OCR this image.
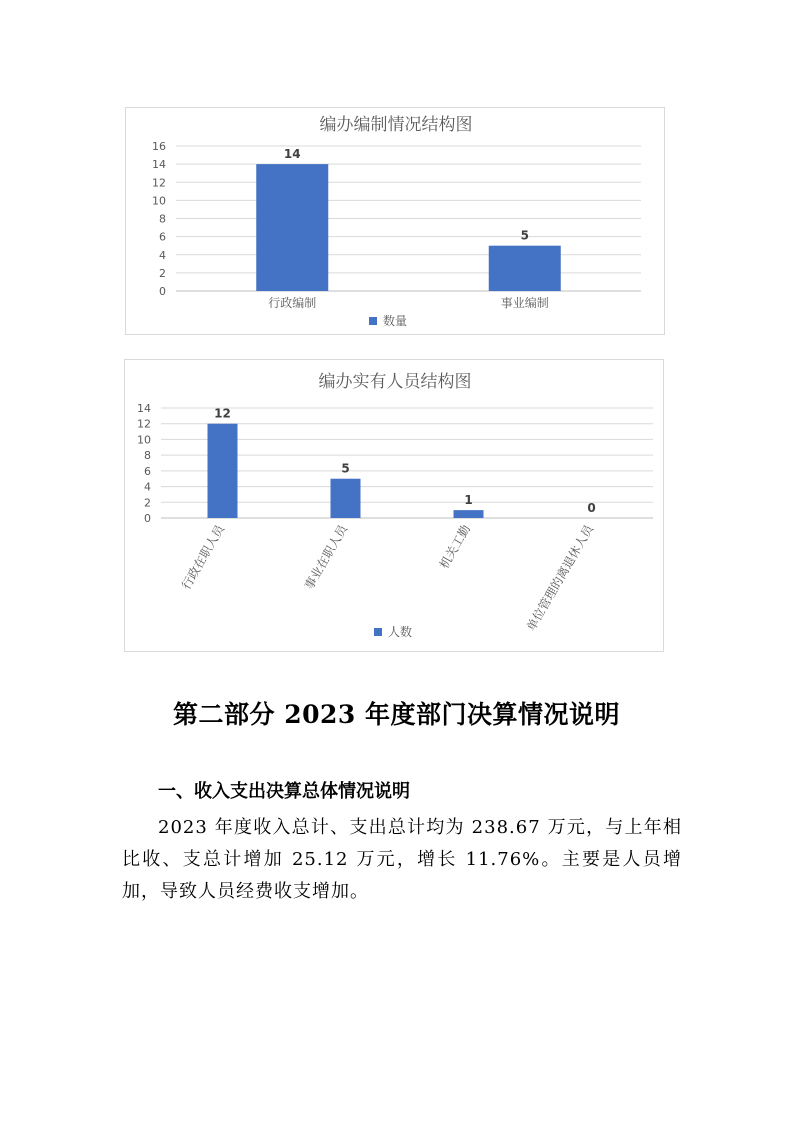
编办编制情况结构图
0
2
4
6
8
10
12
14
16
14
行政编制
5
事业编制
数量
编办实有人员结构图
0
2
4
6
8
10
12
14	12
行政在职人员
5
事业在职人员
1
机关工勤
0
单位管理的离退休人员
人数
第二部分 2023 年度部门决算情况说明
一、收入支出决算总体情况说明

2023 年度收入总计、支出总计均为 238.67 万元，与上年相比收、支总计增加 25.12 万元，增长 11.76%。主要是人员增加，导致人员经费收支增加。
